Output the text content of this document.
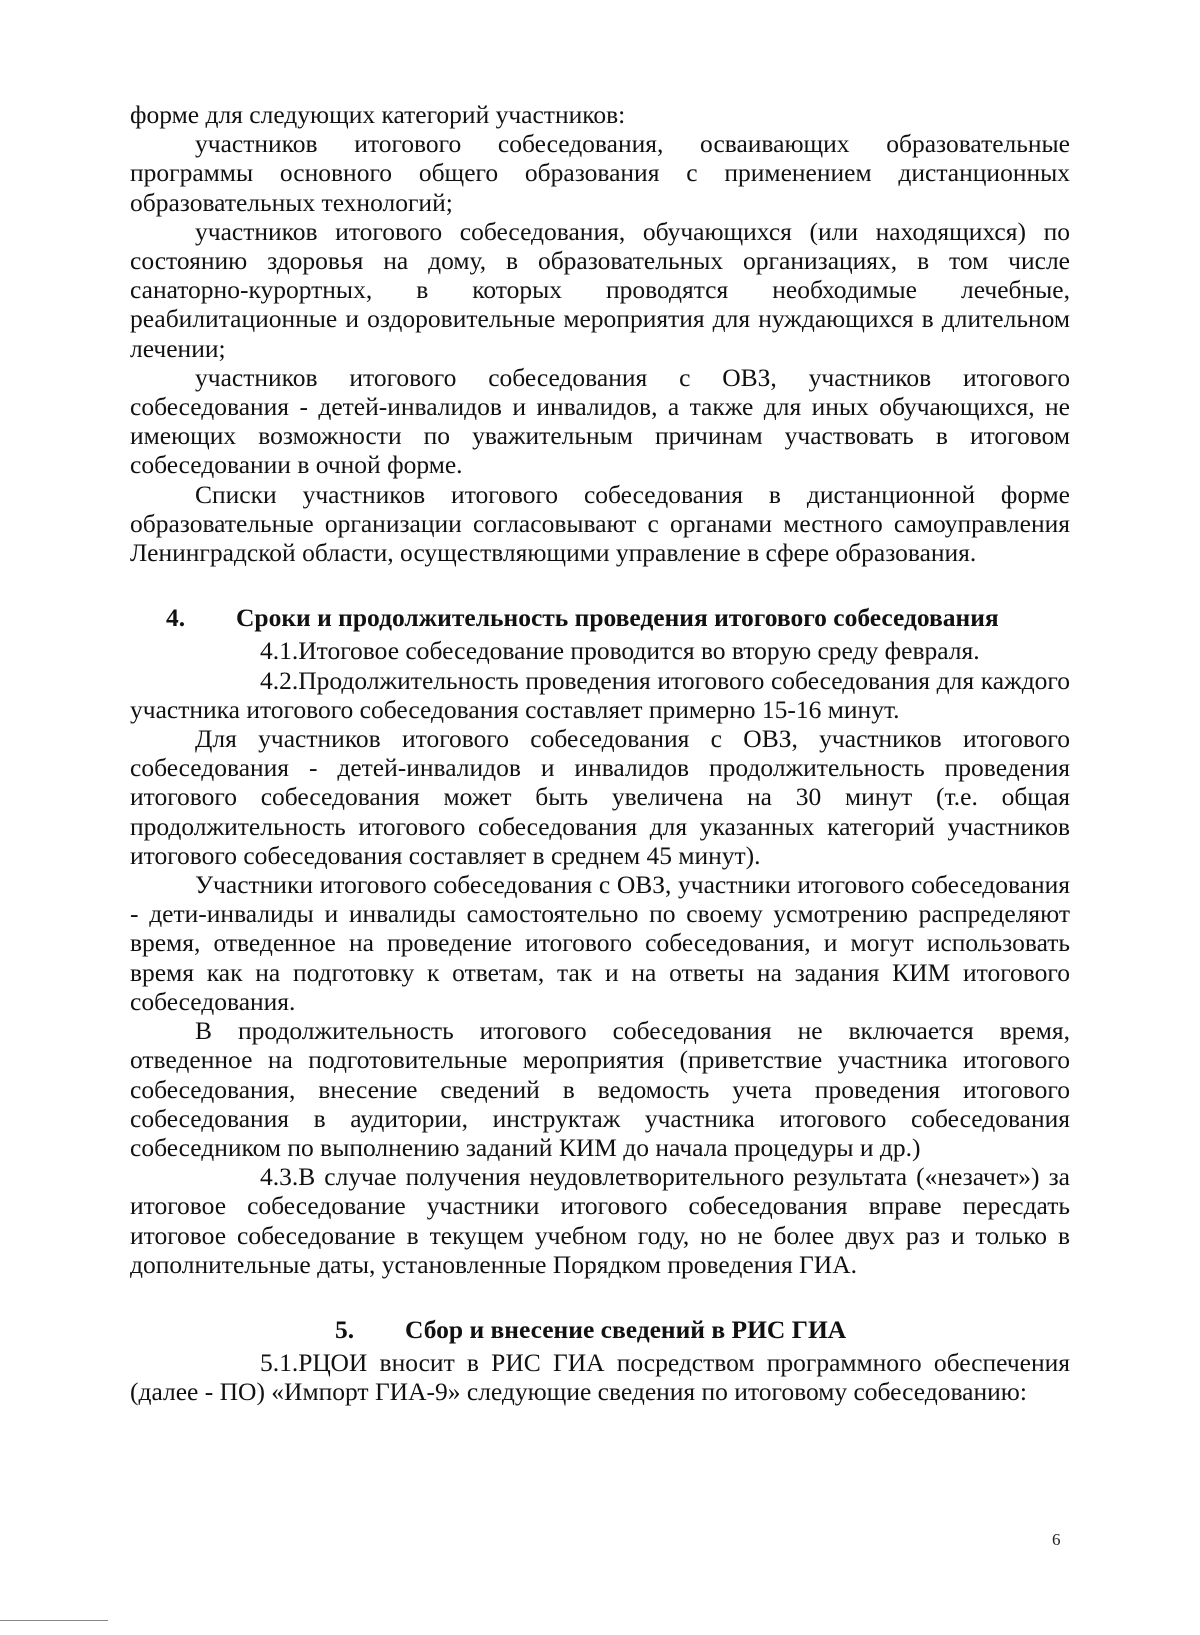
форме для следующих категорий участников:

участников итогового собеседования, осваивающих образовательные программы основного общего образования с применением дистанционных образовательных технологий;

участников итогового собеседования, обучающихся (или находящихся) по состоянию здоровья на дому, в образовательных организациях, в том числе санаторно-курортных, в которых проводятся необходимые лечебные, реабилитационные и оздоровительные мероприятия для нуждающихся в длительном лечении;

участников итогового собеседования с ОВЗ, участников итогового собеседования - детей-инвалидов и инвалидов, а также для иных обучающихся, не имеющих возможности по уважительным причинам участвовать в итоговом собеседовании в очной форме.

Списки участников итогового собеседования в дистанционной форме образовательные организации согласовывают с органами местного самоуправления Ленинградской области, осуществляющими управление в сфере образования.

4. Сроки и продолжительность проведения итогового собеседования

4.1.Итоговое собеседование проводится во вторую среду февраля.

4.2.Продолжительность проведения итогового собеседования для каждого участника итогового собеседования составляет примерно 15-16 минут.

Для участников итогового собеседования с ОВЗ, участников итогового собеседования - детей-инвалидов и инвалидов продолжительность проведения итогового собеседования может быть увеличена на 30 минут (т.е. общая продолжительность итогового собеседования для указанных категорий участников итогового собеседования составляет в среднем 45 минут).

Участники итогового собеседования с ОВЗ, участники итогового собеседования - дети-инвалиды и инвалиды самостоятельно по своему усмотрению распределяют время, отведенное на проведение итогового собеседования, и могут использовать время как на подготовку к ответам, так и на ответы на задания КИМ итогового собеседования.

В продолжительность итогового собеседования не включается время, отведенное на подготовительные мероприятия (приветствие участника итогового собеседования, внесение сведений в ведомость учета проведения итогового собеседования в аудитории, инструктаж участника итогового собеседования собеседником по выполнению заданий КИМ до начала процедуры и др.)

4.3.В случае получения неудовлетворительного результата («незачет») за итоговое собеседование участники итогового собеседования вправе пересдать итоговое собеседование в текущем учебном году, но не более двух раз и только в дополнительные даты, установленные Порядком проведения ГИА.

5. Сбор и внесение сведений в РИС ГИА

5.1.РЦОИ вносит в РИС ГИА посредством программного обеспечения (далее - ПО) «Импорт ГИА-9» следующие сведения по итоговому собеседованию:

6
